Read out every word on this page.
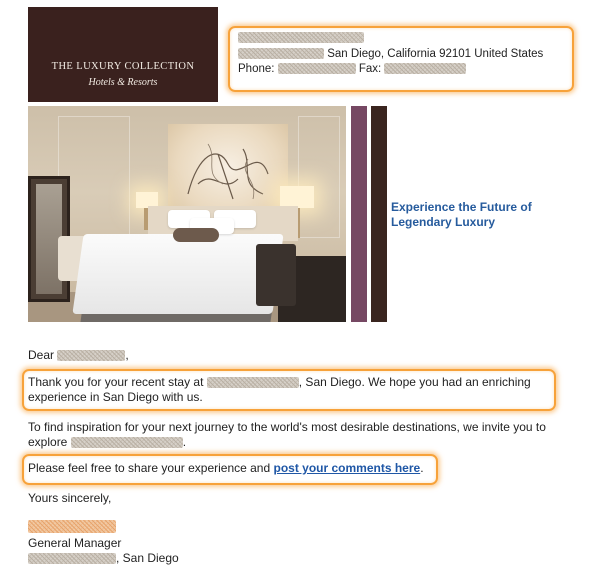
THE LUXURY COLLECTION
Hotels & Resorts
San Diego, California 92101 United States
Phone:	Fax:
Experience the Future of
Legendary Luxury
Dear	,
Thank you for your recent stay at	, San Diego. We hope you had an enriching
experience in San Diego with us.
To find inspiration for your next journey to the world's most desirable destinations, we invite you to
explore	.
Please feel free to share your experience and post your comments here.
Yours sincerely,
General Manager
, San Diego
